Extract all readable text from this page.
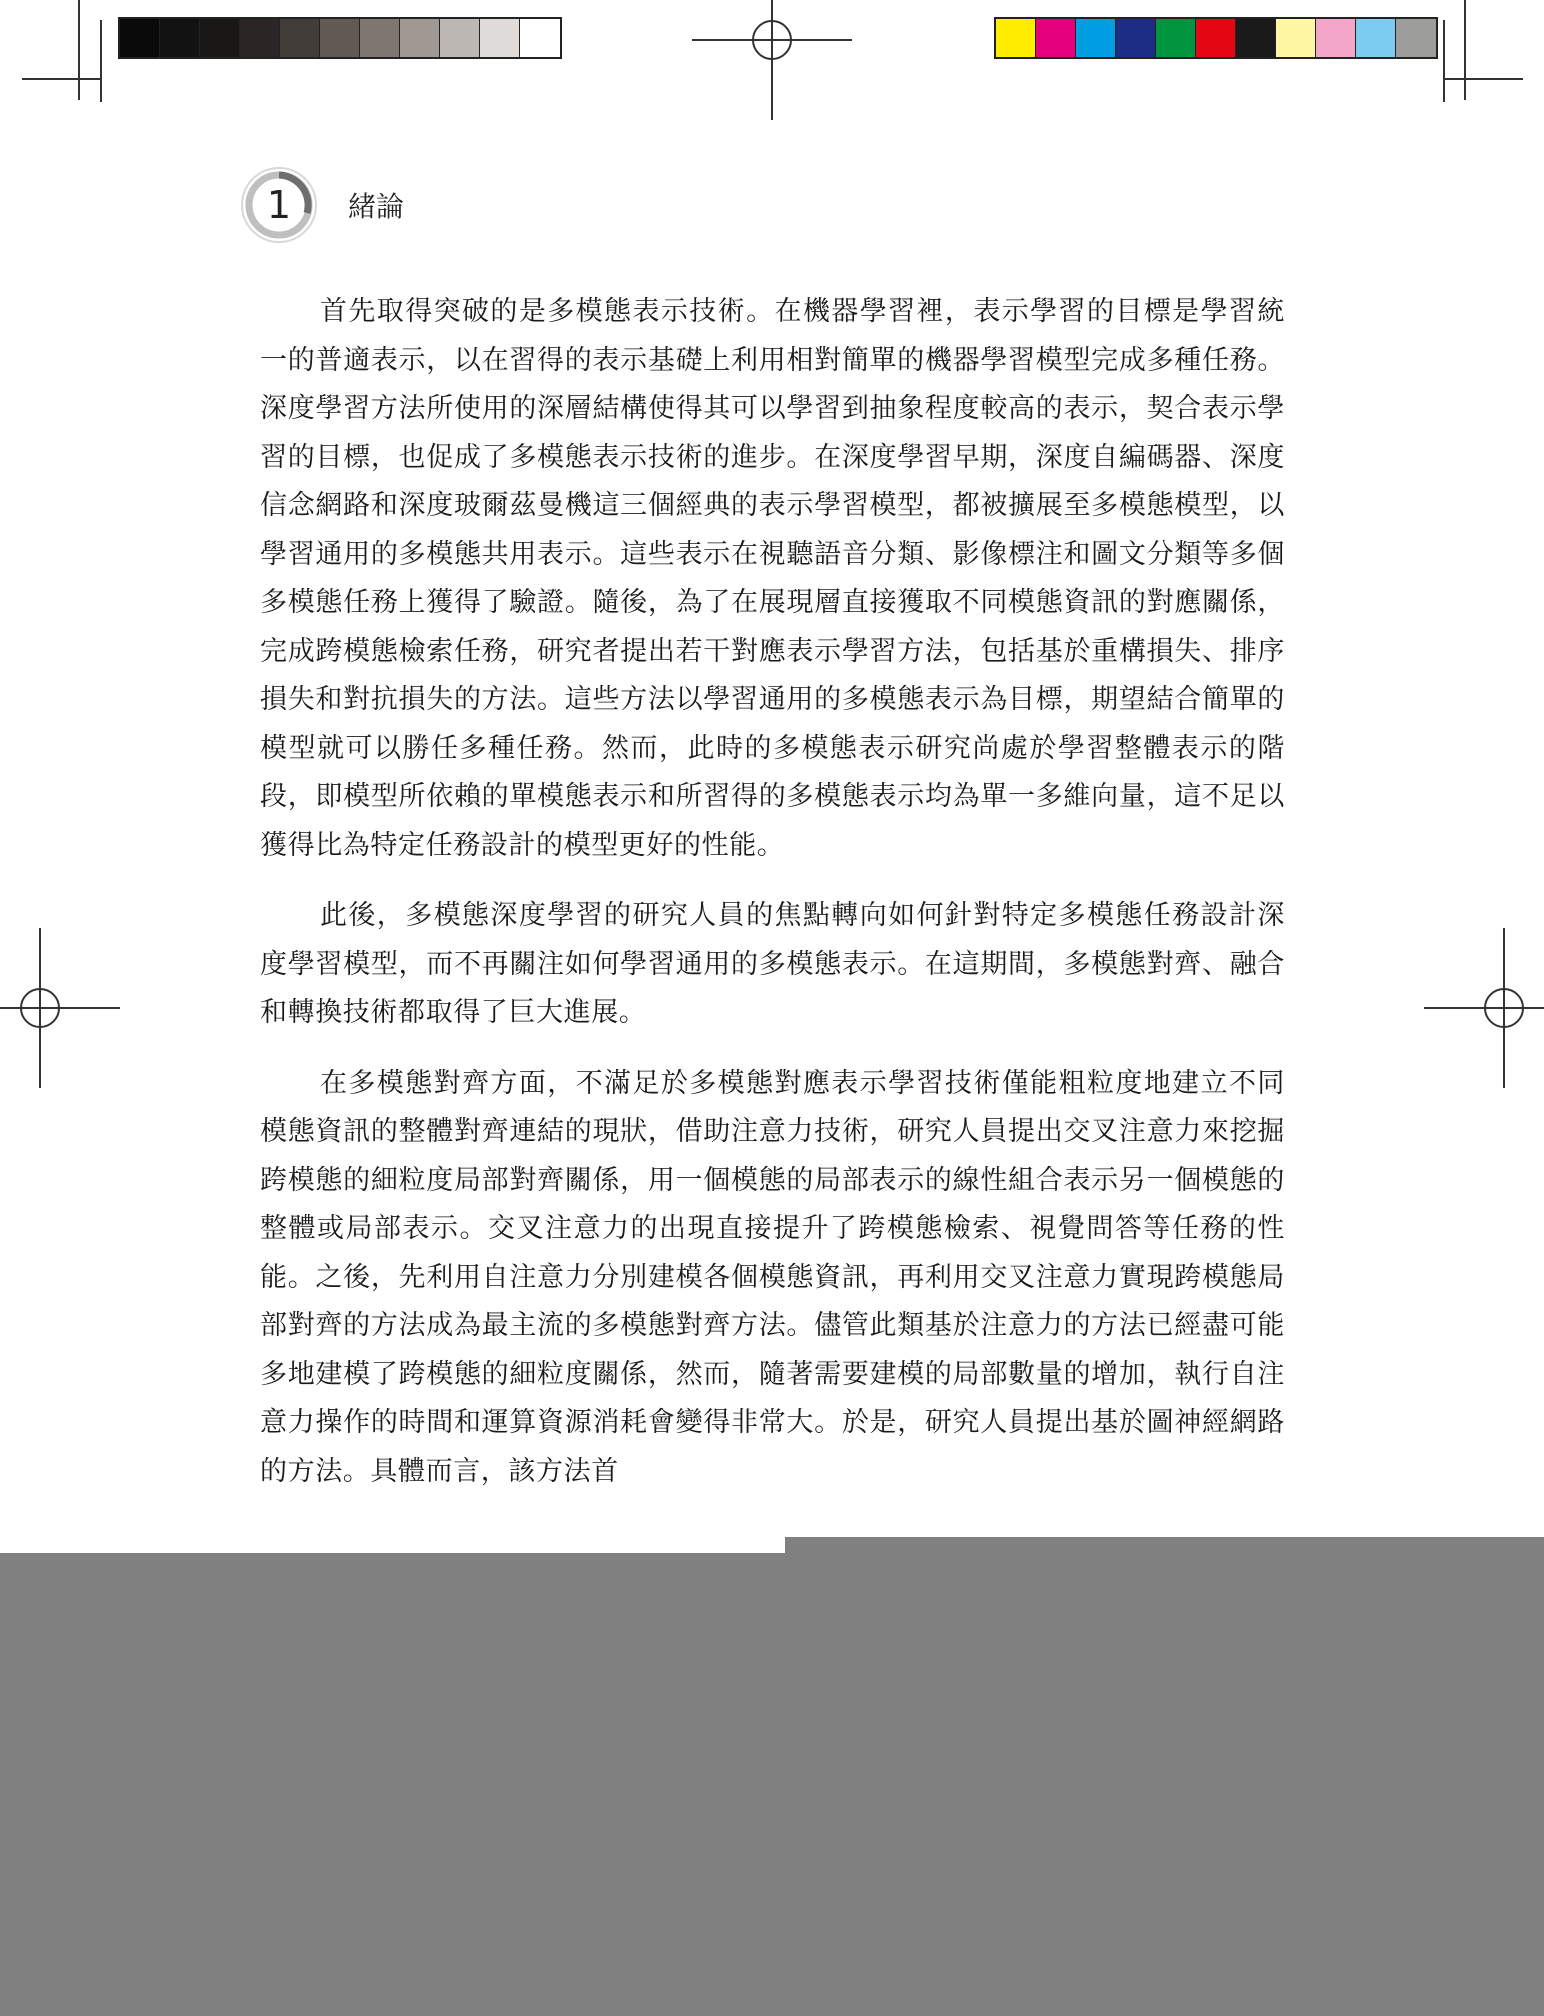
1	緒論

首先取得突破的是多模態表示技術。在機器學習裡，表示學習的目標是學習統一的普適表示，以在習得的表示基礎上利用相對簡單的機器學習模型完成多種任務。深度學習方法所使用的深層結構使得其可以學習到抽象程度較高的表示，契合表示學習的目標，也促成了多模態表示技術的進步。在深度學習早期，深度自編碼器、深度信念網路和深度玻爾茲曼機這三個經典的表示學習模型，都被擴展至多模態模型，以學習通用的多模態共用表示。這些表示在視聽語音分類、影像標注和圖文分類等多個多模態任務上獲得了驗證。隨後，為了在展現層直接獲取不同模態資訊的對應關係，完成跨模態檢索任務，研究者提出若干對應表示學習方法，包括基於重構損失、排序損失和對抗損失的方法。這些方法以學習通用的多模態表示為目標，期望結合簡單的模型就可以勝任多種任務。然而，此時的多模態表示研究尚處於學習整體表示的階段，即模型所依賴的單模態表示和所習得的多模態表示均為單一多維向量，這不足以獲得比為特定任務設計的模型更好的性能。

此後，多模態深度學習的研究人員的焦點轉向如何針對特定多模態任務設計深度學習模型，而不再關注如何學習通用的多模態表示。在這期間，多模態對齊、融合和轉換技術都取得了巨大進展。

在多模態對齊方面，不滿足於多模態對應表示學習技術僅能粗粒度地建立不同模態資訊的整體對齊連結的現狀，借助注意力技術，研究人員提出交叉注意力來挖掘跨模態的細粒度局部對齊關係，用一個模態的局部表示的線性組合表示另一個模態的整體或局部表示。交叉注意力的出現直接提升了跨模態檢索、視覺問答等任務的性能。之後，先利用自注意力分別建模各個模態資訊，再利用交叉注意力實現跨模態局部對齊的方法成為最主流的多模態對齊方法。儘管此類基於注意力的方法已經盡可能多地建模了跨模態的細粒度關係，然而，隨著需要建模的局部數量的增加，執行自注意力操作的時間和運算資源消耗會變得非常大。於是，研究人員提出基於圖神經網路的方法。具體而言，該方法首
